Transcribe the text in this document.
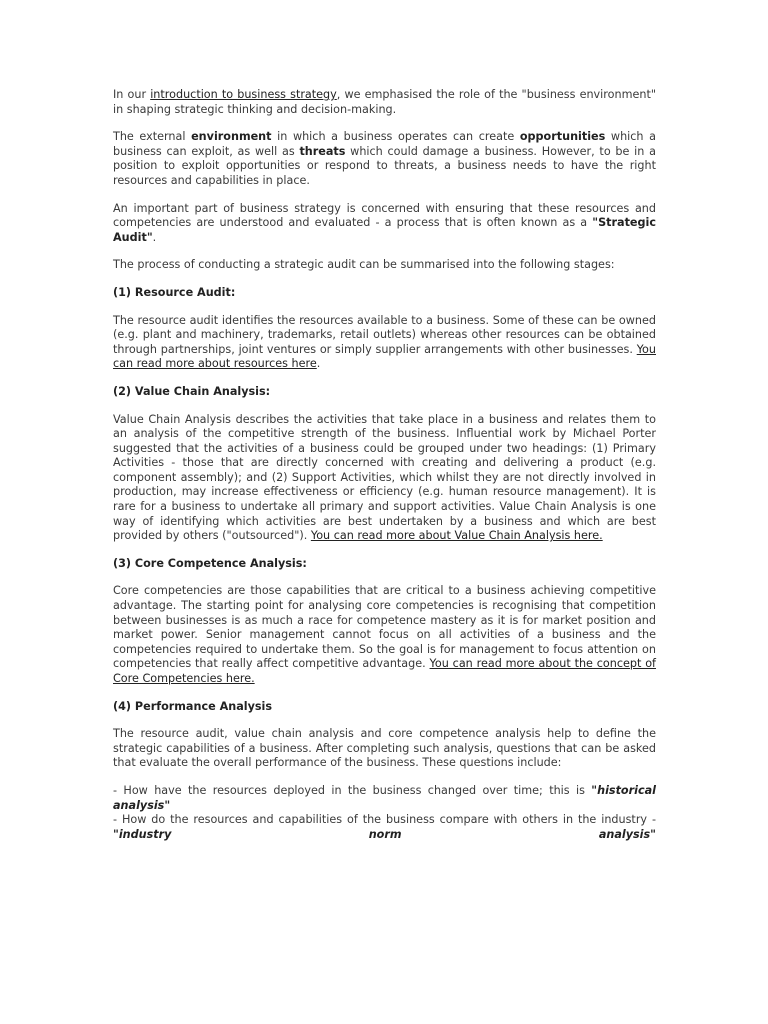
In our introduction to business strategy, we emphasised the role of the "business environment" in shaping strategic thinking and decision-making.

The external environment in which a business operates can create opportunities which a business can exploit, as well as threats which could damage a business. However, to be in a position to exploit opportunities or respond to threats, a business needs to have the right resources and capabilities in place.

An important part of business strategy is concerned with ensuring that these resources and competencies are understood and evaluated - a process that is often known as a "Strategic Audit".

The process of conducting a strategic audit can be summarised into the following stages:

(1) Resource Audit:

The resource audit identifies the resources available to a business. Some of these can be owned (e.g. plant and machinery, trademarks, retail outlets) whereas other resources can be obtained through partnerships, joint ventures or simply supplier arrangements with other businesses. You can read more about resources here.

(2) Value Chain Analysis:

Value Chain Analysis describes the activities that take place in a business and relates them to an analysis of the competitive strength of the business. Influential work by Michael Porter suggested that the activities of a business could be grouped under two headings: (1) Primary Activities - those that are directly concerned with creating and delivering a product (e.g. component assembly); and (2) Support Activities, which whilst they are not directly involved in production, may increase effectiveness or efficiency (e.g. human resource management). It is rare for a business to undertake all primary and support activities. Value Chain Analysis is one way of identifying which activities are best undertaken by a business and which are best provided by others ("outsourced"). You can read more about Value Chain Analysis here.

(3) Core Competence Analysis:

Core competencies are those capabilities that are critical to a business achieving competitive advantage. The starting point for analysing core competencies is recognising that competition between businesses is as much a race for competence mastery as it is for market position and market power. Senior management cannot focus on all activities of a business and the competencies required to undertake them. So the goal is for management to focus attention on competencies that really affect competitive advantage. You can read more about the concept of Core Competencies here.

(4) Performance Analysis

The resource audit, value chain analysis and core competence analysis help to define the strategic capabilities of a business. After completing such analysis, questions that can be asked that evaluate the overall performance of the business. These questions include:

- How have the resources deployed in the business changed over time; this is "historical analysis"
- How do the resources and capabilities of the business compare with others in the industry - "industry norm analysis"
